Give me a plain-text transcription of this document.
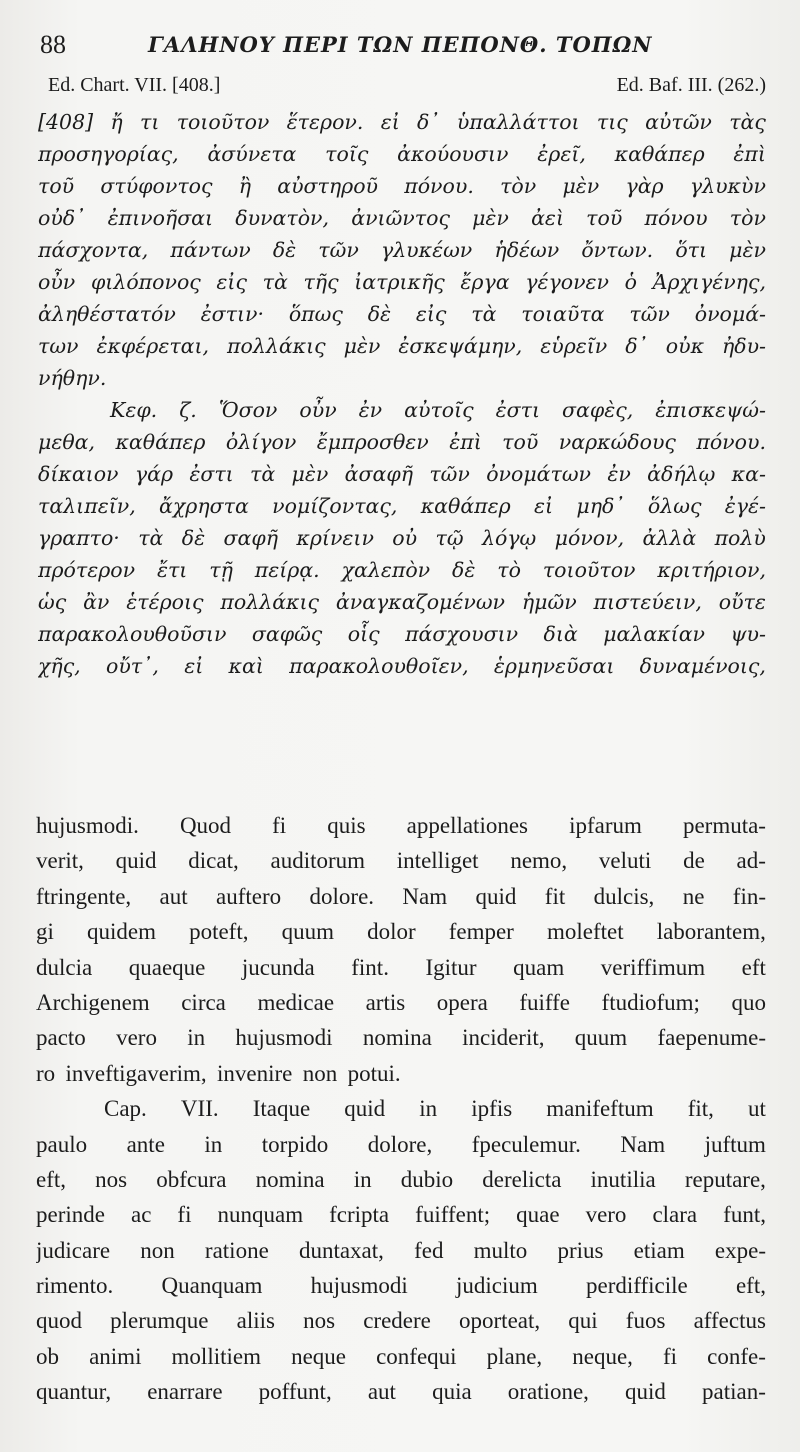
88	ΓΑΛΗΝΟΥ ΠΕΡΙ ΤΩΝ ΠΕΠΟΝΘ. ΤΟΠΩΝ
Ed. Chart. VII. [408.]	Ed. Baf. III. (262.)
[408] ἤ τι τοιοῦτον ἕτερον. εἰ δ᾽ ὑπαλλάττοι τις αὐτῶν τὰς
προσηγορίας, ἀσύνετα τοῖς ἀκούουσιν ἐρεῖ, καθάπερ ἐπὶ
τοῦ στύφοντος ἢ αὐστηροῦ πόνου. τὸν μὲν γὰρ γλυκὺν
οὐδ᾽ ἐπινοῆσαι δυνατὸν, ἀνιῶντος μὲν ἀεὶ τοῦ πόνου τὸν
πάσχοντα, πάντων δὲ τῶν γλυκέων ἡδέων ὄντων. ὅτι μὲν
οὖν φιλόπονος εἰς τὰ τῆς ἰατρικῆς ἔργα γέγονεν ὁ Ἀρχιγένης,
ἀληθέστατόν ἐστιν· ὅπως δὲ εἰς τὰ τοιαῦτα τῶν ὀνομά-
των ἐκφέρεται, πολλάκις μὲν ἐσκεψάμην, εὑρεῖν δ᾽ οὐκ ἠδυ-
νήθην.
Κεφ. ζ. Ὅσον οὖν ἐν αὐτοῖς ἐστι σαφὲς, ἐπισκεψώ-
μεθα, καθάπερ ὀλίγον ἔμπροσθεν ἐπὶ τοῦ ναρκώδους πόνου.
δίκαιον γάρ ἐστι τὰ μὲν ἀσαφῆ τῶν ὀνομάτων ἐν ἀδήλῳ κα-
ταλιπεῖν, ἄχρηστα νομίζοντας, καθάπερ εἰ μηδ᾽ ὅλως ἐγέ-
γραπτο· τὰ δὲ σαφῆ κρίνειν οὐ τῷ λόγῳ μόνον, ἀλλὰ πολὺ
πρότερον ἔτι τῇ πείρᾳ. χαλεπὸν δὲ τὸ τοιοῦτον κριτήριον,
ὡς ἂν ἑτέροις πολλάκις ἀναγκαζομένων ἡμῶν πιστεύειν, οὔτε
παρακολουθοῦσιν σαφῶς οἷς πάσχουσιν διὰ μαλακίαν ψυ-
χῆς, οὔτ᾽, εἰ καὶ παρακολουθοῖεν, ἑρμηνεῦσαι δυναμένοις,
hujusmodi. Quod fi quis appellationes ipfarum permuta-
verit, quid dicat, auditorum intelliget nemo, veluti de ad-
ftringente, aut auftero dolore. Nam quid fit dulcis, ne fin-
gi quidem poteft, quum dolor femper moleftet laborantem,
dulcia quaeque jucunda fint. Igitur quam veriffimum eft
Archigenem circa medicae artis opera fuiffe ftudiofum; quo
pacto vero in hujusmodi nomina inciderit, quum faepenume-
ro inveftigaverim, invenire non potui.
Cap. VII. Itaque quid in ipfis manifeftum fit, ut
paulo ante in torpido dolore, fpeculemur. Nam juftum
eft, nos obfcura nomina in dubio derelicta inutilia reputare,
perinde ac fi nunquam fcripta fuiffent; quae vero clara funt,
judicare non ratione duntaxat, fed multo prius etiam expe-
rimento. Quanquam hujusmodi judicium perdifficile eft,
quod plerumque aliis nos credere oporteat, qui fuos affectus
ob animi mollitiem neque confequi plane, neque, fi confe-
quantur, enarrare poffunt, aut quia oratione, quid patian-
